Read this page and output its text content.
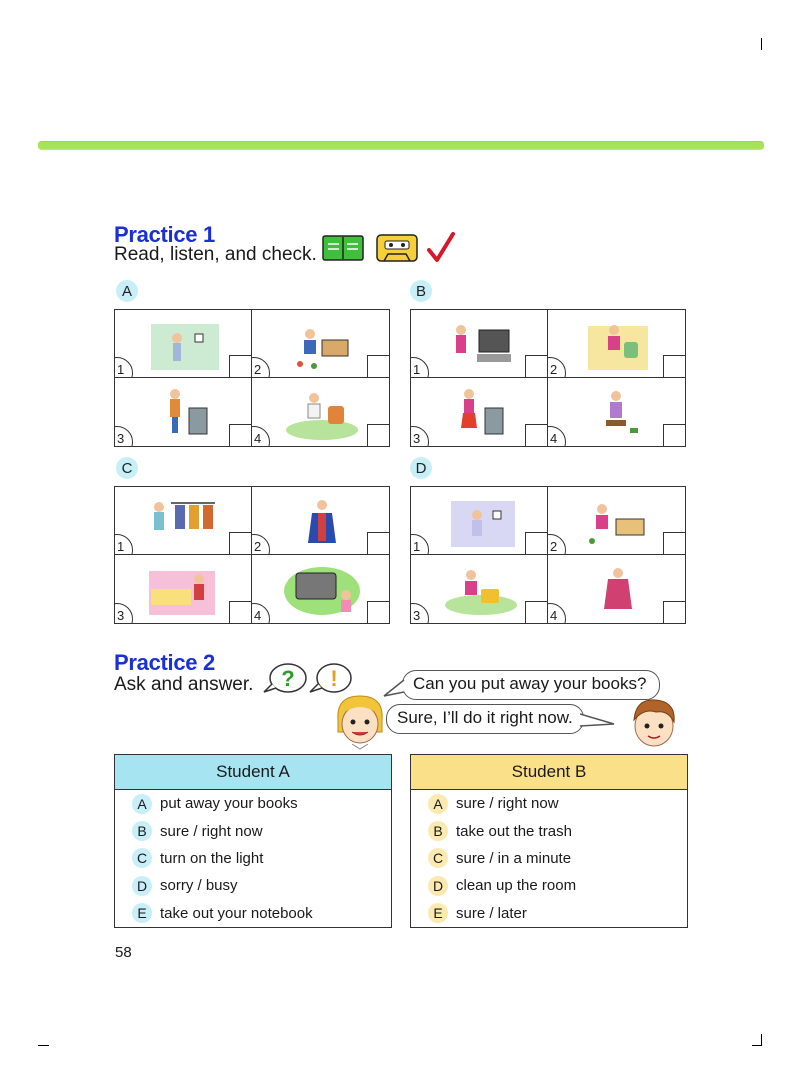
Practice 1
Read, listen, and check.
A	B
C	D
1	2
3	4
1	2
3	4
1	2
3	4
1	2
3	4
Practice 2
Ask and answer. ? !	Can you put away your books?
Sure, I’ll do it right now.
Student A
A put away your books
B sure / right now
C turn on the light
D sorry / busy
E take out your notebook
Student B
A sure / right now
B take out the trash
C sure / in a minute
D clean up the room
E sure / later
58
